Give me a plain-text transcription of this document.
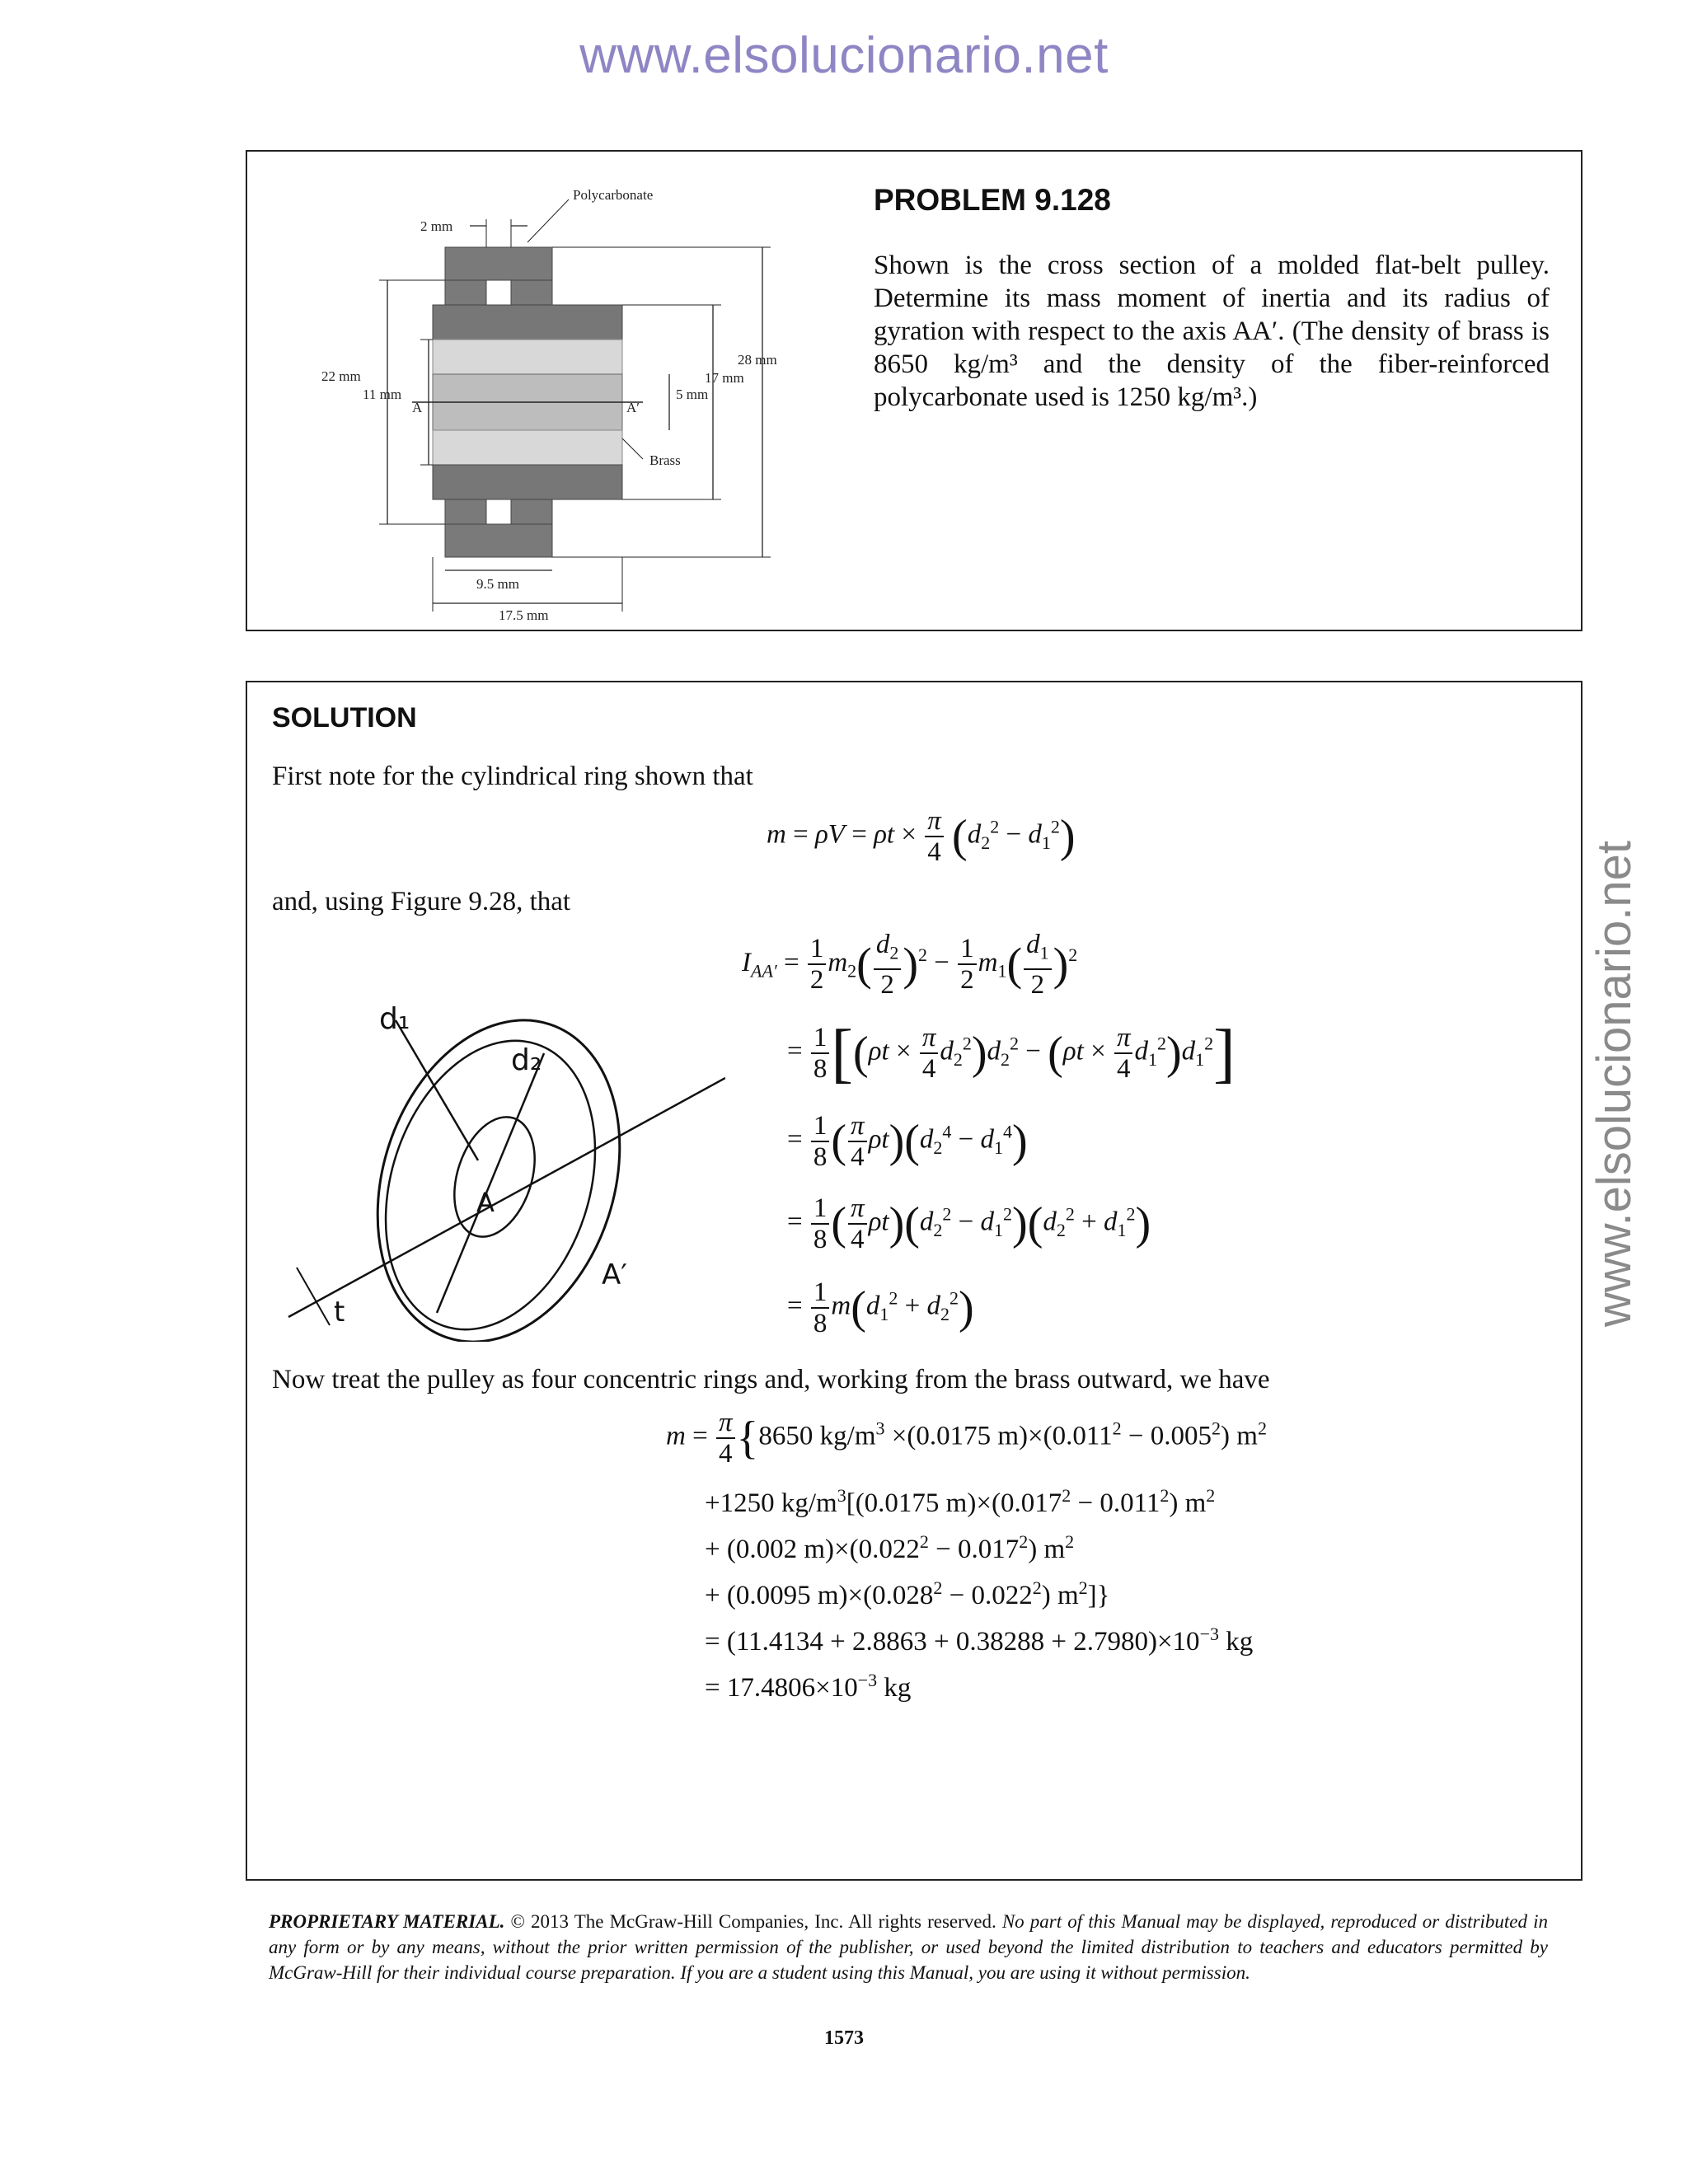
www.elsolucionario.net
www.elsolucionario.net
Polycarbonate
2 mm
22 mm
11 mm
A	A′
5 mm
17 mm
28 mm
Brass
9.5 mm
17.5 mm
PROBLEM 9.128
Shown is the cross section of a molded flat-belt pulley. Determine its mass moment of inertia and its radius of gyration with respect to the axis AA′. (The density of brass is 8650 kg/m³ and the density of the fiber-reinforced polycarbonate used is 1250 kg/m³.)
SOLUTION
First note for the cylindrical ring shown that
$m = \rho V = \rho t \times \frac{\pi}{4} (d_2^2 - d_1^2)$
and, using Figure 9.28, that
$I_{AA'} = \frac{1}{2} m_2( \frac{d_2}{2} )^2 - \frac{1}{2} m_1( \frac{d_1}{2} )^2$
= $\frac{1}{8} [(\rho t \times \frac{\pi}{4} d_2^2)d_2^2 - (\rho t \times \frac{\pi}{4} d_1^2)d_1^2]$
= $\frac{1}{8}$ ( $\frac{\pi}{4} \rho t)(d_2^4 - d_1^4)$
= $\frac{1}{8}$ ( $\frac{\pi}{4} \rho t)(d_2^2 - d_1^2)(d_2^2 + d_1^2)$
= $\frac{1}{8} m(d_1^2 + d_2^2)$
d₁
d₂
t
A
A′
Now treat the pulley as four concentric rings and, working from the brass outward, we have
$m = \frac{\pi}{4} \{8650$ $kg/m^3 \times(0.0175$ $m)\times(0.011^2 - 0.005^2)$ $m^2$
+1250 $kg/m^3[(0.0175$ $m)\times(0.017^2 - 0.011^2)$ $m^2$
+ (0.002 $m)\times(0.022^2 - 0.017^2)$ $m^2$
+ (0.0095 $m)\times(0.028^2 - 0.022^2)$ $m^2$]}
= $(11.4134 + 2.8863 + 0.38288 + 2.7980)\times 10^{-3}$ kg
= $17.4806\times 10^{-3}$ kg
PROPRIETARY MATERIAL. © 2013 The McGraw-Hill Companies, Inc. All rights reserved. No part of this Manual may be displayed, reproduced or distributed in any form or by any means, without the prior written permission of the publisher, or used beyond the limited distribution to teachers and educators permitted by McGraw-Hill for their individual course preparation. If you are a student using this Manual, you are using it without permission.
1573
